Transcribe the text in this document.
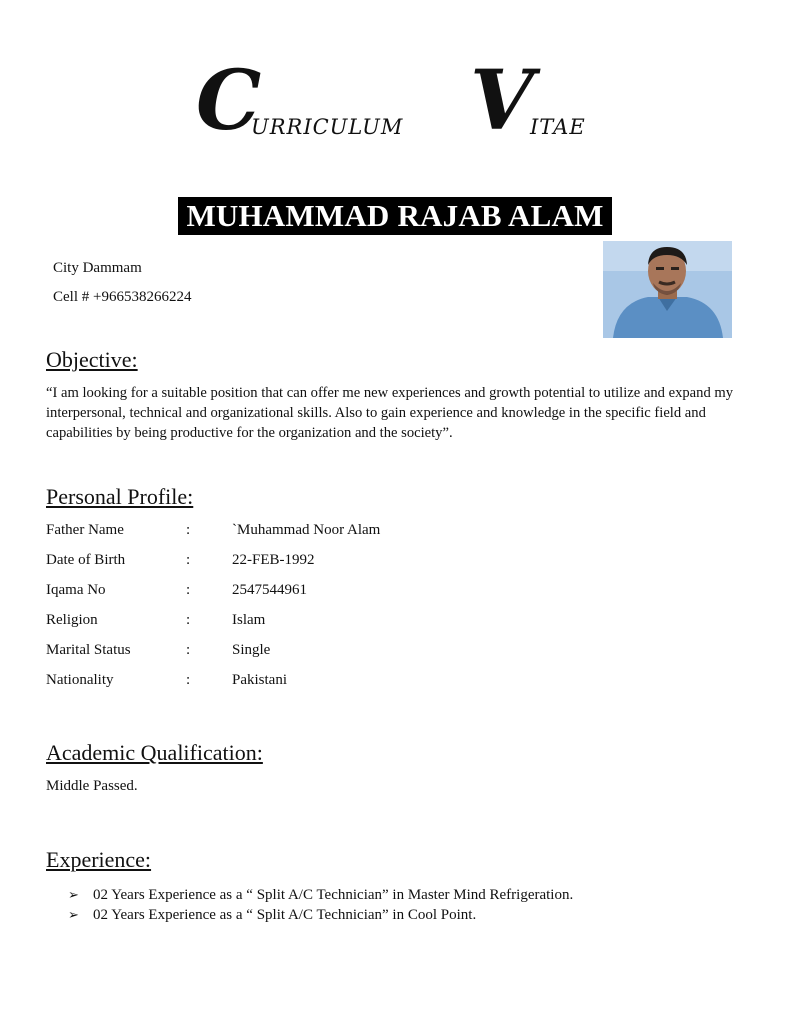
C
URRICULUM V
ITAE
MUHAMMAD RAJAB ALAM
City Dammam
Cell # +966538266224
Objective:
“I am looking for a suitable position that can offer me new experiences and growth potential to utilize and expand my interpersonal, technical and organizational skills. Also to gain experience and knowledge in the specific field and capabilities by being productive for the organization and the society”.
Personal Profile:
Father Name	:	`Muhammad Noor Alam
Date of Birth	:	22-FEB-1992
Iqama No	:	2547544961
Religion	:	Islam
Marital Status	:	Single
Nationality	:	Pakistani
Academic Qualification:
Middle Passed.
Experience:
➢ 02 Years Experience as a “ Split A/C Technician” in Master Mind Refrigeration.
➢ 02 Years Experience as a “ Split A/C Technician” in Cool Point.
